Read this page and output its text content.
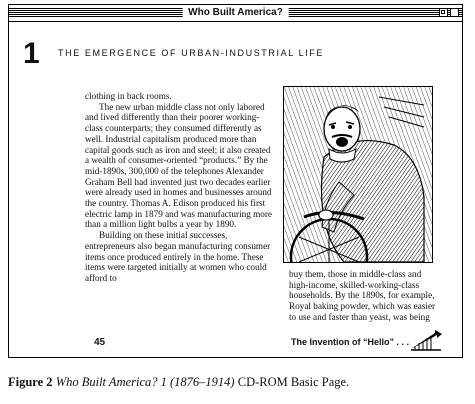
Who Built America?
1 THE EMERGENCE OF URBAN-INDUSTRIAL LIFE

clothing in back rooms.

The new urban middle class not only labored and lived differently than their poorer working-class counterparts; they consumed differently as well. Industrial capitalism produced more than capital goods such as iron and steel; it also created a wealth of consumer-oriented “products.” By the mid-1890s, 300,000 of the telephones Alexander Graham Bell had invented just two decades earlier were already used in homes and businesses around the country. Thomas A. Edison produced his first electric lamp in 1879 and was manufacturing more than a million light bulbs a year by 1890.

Building on these initial successes, entrepreneurs also began manufacturing consumer items once produced entirely in the home. These items were targeted initially at women who could afford to	buy them, those in middle-class and high-income, skilled-working-class households. By the 1890s, for example, Royal baking powder, which was easier to use and faster than yeast, was being

45	The Invention of “Hello” . . .
Figure 2 Who Built America? 1 (1876–1914) CD-ROM Basic Page.
